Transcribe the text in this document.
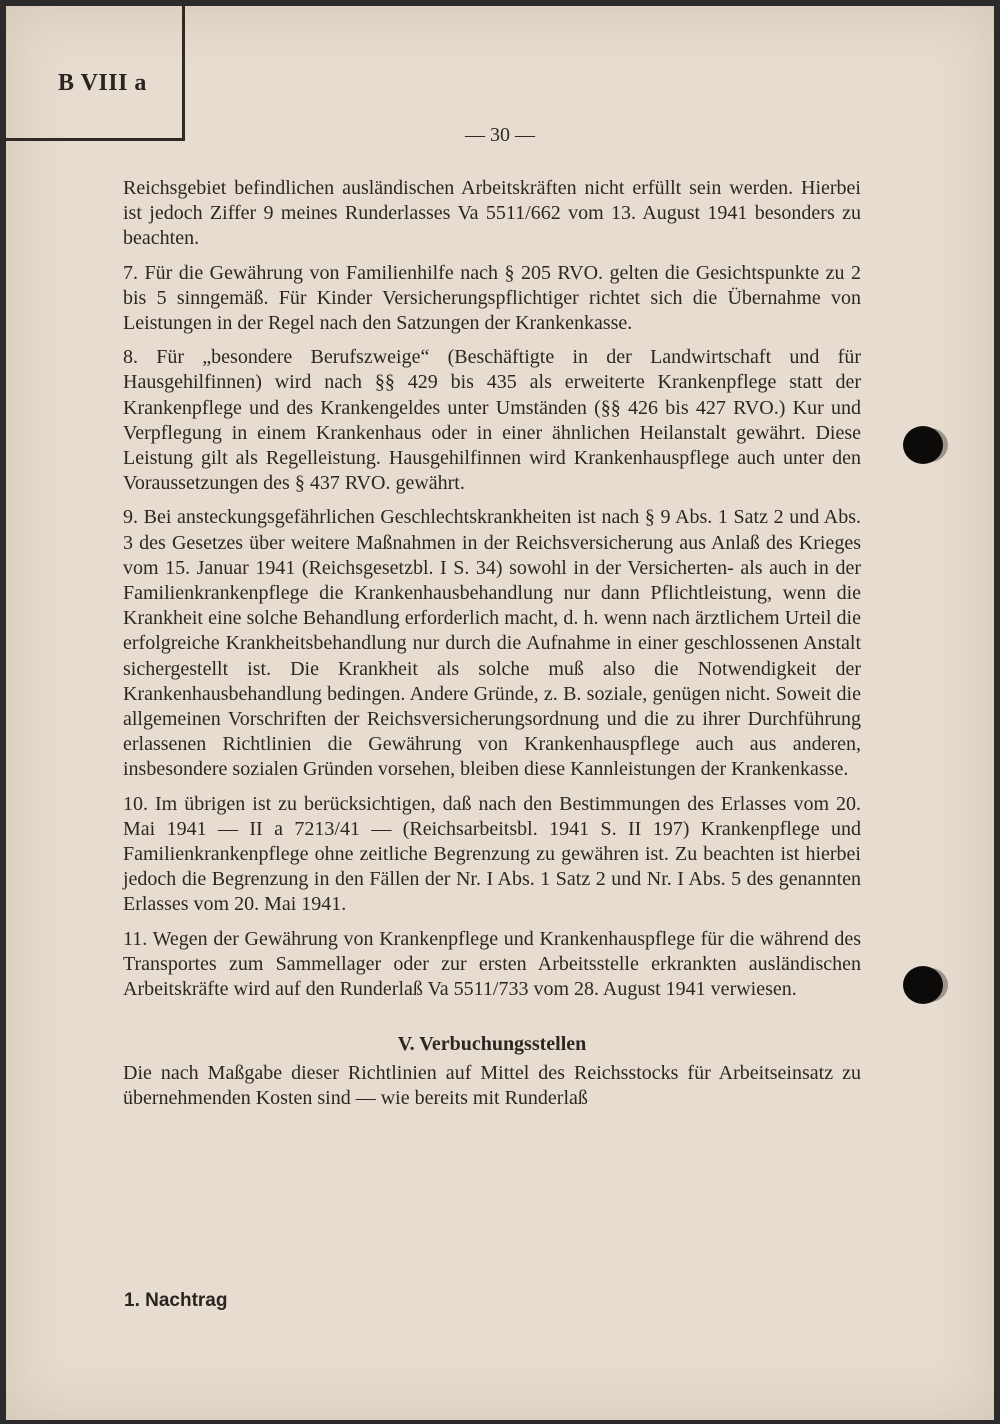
B VIII a
— 30 —

Reichsgebiet befindlichen ausländischen Arbeitskräften nicht erfüllt sein werden. Hierbei ist jedoch Ziffer 9 meines Runderlasses Va 5511/662 vom 13. August 1941 besonders zu beachten.

7. Für die Gewährung von Familienhilfe nach § 205 RVO. gelten die Gesichtspunkte zu 2 bis 5 sinngemäß. Für Kinder Versicherungspflichtiger richtet sich die Übernahme von Leistungen in der Regel nach den Satzungen der Krankenkasse.

8. Für „besondere Berufszweige“ (Beschäftigte in der Landwirtschaft und für Hausgehilfinnen) wird nach §§ 429 bis 435 als erweiterte Krankenpflege statt der Krankenpflege und des Krankengeldes unter Umständen (§§ 426 bis 427 RVO.) Kur und Verpflegung in einem Krankenhaus oder in einer ähnlichen Heilanstalt gewährt. Diese Leistung gilt als Regelleistung. Hausgehilfinnen wird Krankenhauspflege auch unter den Voraussetzungen des § 437 RVO. gewährt.

9. Bei ansteckungsgefährlichen Geschlechtskrankheiten ist nach § 9 Abs. 1 Satz 2 und Abs. 3 des Gesetzes über weitere Maßnahmen in der Reichsversicherung aus Anlaß des Krieges vom 15. Januar 1941 (Reichsgesetzbl. I S. 34) sowohl in der Versicherten- als auch in der Familienkrankenpflege die Krankenhausbehandlung nur dann Pflichtleistung, wenn die Krankheit eine solche Behandlung erforderlich macht, d. h. wenn nach ärztlichem Urteil die erfolgreiche Krankheitsbehandlung nur durch die Aufnahme in einer geschlossenen Anstalt sichergestellt ist. Die Krankheit als solche muß also die Notwendigkeit der Krankenhausbehandlung bedingen. Andere Gründe, z. B. soziale, genügen nicht. Soweit die allgemeinen Vorschriften der Reichsversicherungsordnung und die zu ihrer Durchführung erlassenen Richtlinien die Gewährung von Krankenhauspflege auch aus anderen, insbesondere sozialen Gründen vorsehen, bleiben diese Kannleistungen der Krankenkasse.

10. Im übrigen ist zu berücksichtigen, daß nach den Bestimmungen des Erlasses vom 20. Mai 1941 — II a 7213/41 — (Reichsarbeitsbl. 1941 S. II 197) Krankenpflege und Familienkrankenpflege ohne zeitliche Begrenzung zu gewähren ist. Zu beachten ist hierbei jedoch die Begrenzung in den Fällen der Nr. I Abs. 1 Satz 2 und Nr. I Abs. 5 des genannten Erlasses vom 20. Mai 1941.

11. Wegen der Gewährung von Krankenpflege und Krankenhauspflege für die während des Transportes zum Sammellager oder zur ersten Arbeitsstelle erkrankten ausländischen Arbeitskräfte wird auf den Runderlaß Va 5511/733 vom 28. August 1941 verwiesen.

V. Verbuchungsstellen

Die nach Maßgabe dieser Richtlinien auf Mittel des Reichsstocks für Arbeitseinsatz zu übernehmenden Kosten sind — wie bereits mit Runderlaß

1. Nachtrag
